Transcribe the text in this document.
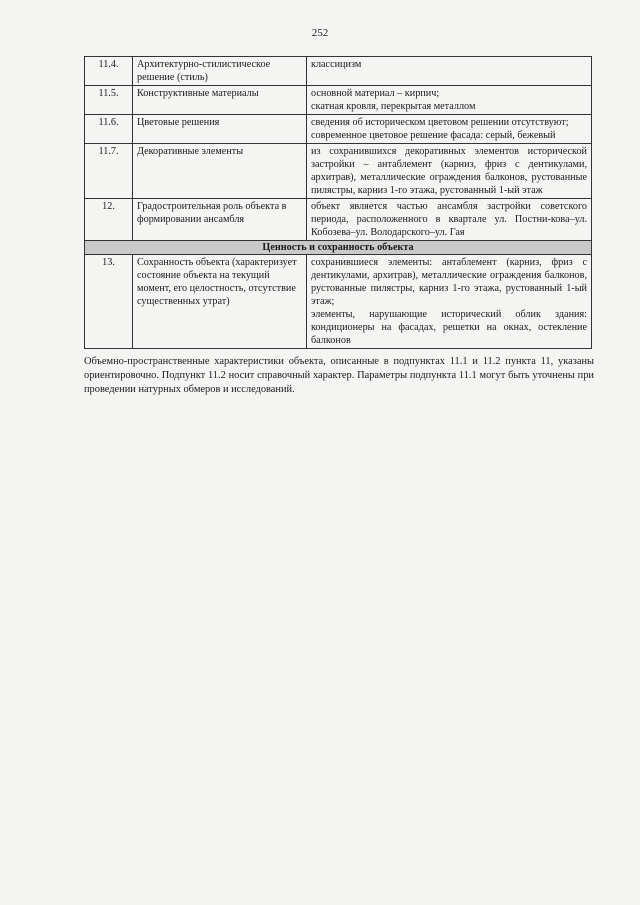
252
11.4.	Архитектурно-стилистическое решение (стиль)	классицизм

11.5.	Конструктивные материалы	основной материал – кирпич;
скатная кровля, перекрытая металлом

11.6.	Цветовые решения	сведения об историческом цветовом решении отсутствуют;
современное цветовое решение фасада: серый, бежевый

11.7.	Декоративные элементы	из сохранившихся декоративных элементов исторической застройки – антаблемент (карниз, фриз с дентикулами, архитрав), металлические ограждения балконов, рустованные пилястры, карниз 1-го этажа, рустованный 1-ый этаж

12.	Градостроительная роль объекта в формировании ансамбля	объект является частью ансамбля застройки советского периода, расположенного в квартале ул. Постни-кова–ул. Кобозева–ул. Володарского–ул. Гая

Ценность и сохранность объекта		
13.	Сохранность объекта (характеризует состояние объекта на текущий момент, его целостность, отсутствие существенных утрат)	сохранившиеся элементы: антаблемент (карниз, фриз с дентикулами, архитрав), металлические ограждения балконов, рустованные пилястры, карниз 1-го этажа, рустованный 1-ый этаж;
элементы, нарушающие исторический облик здания: кондиционеры на фасадах, решетки на окнах, остекление балконов
Объемно-пространственные характеристики объекта, описанные в подпунктах 11.1 и 11.2 пункта 11, указаны ориентировочно. Подпункт 11.2 носит справочный характер. Параметры подпункта 11.1 могут быть уточнены при проведении натурных обмеров и исследований.
